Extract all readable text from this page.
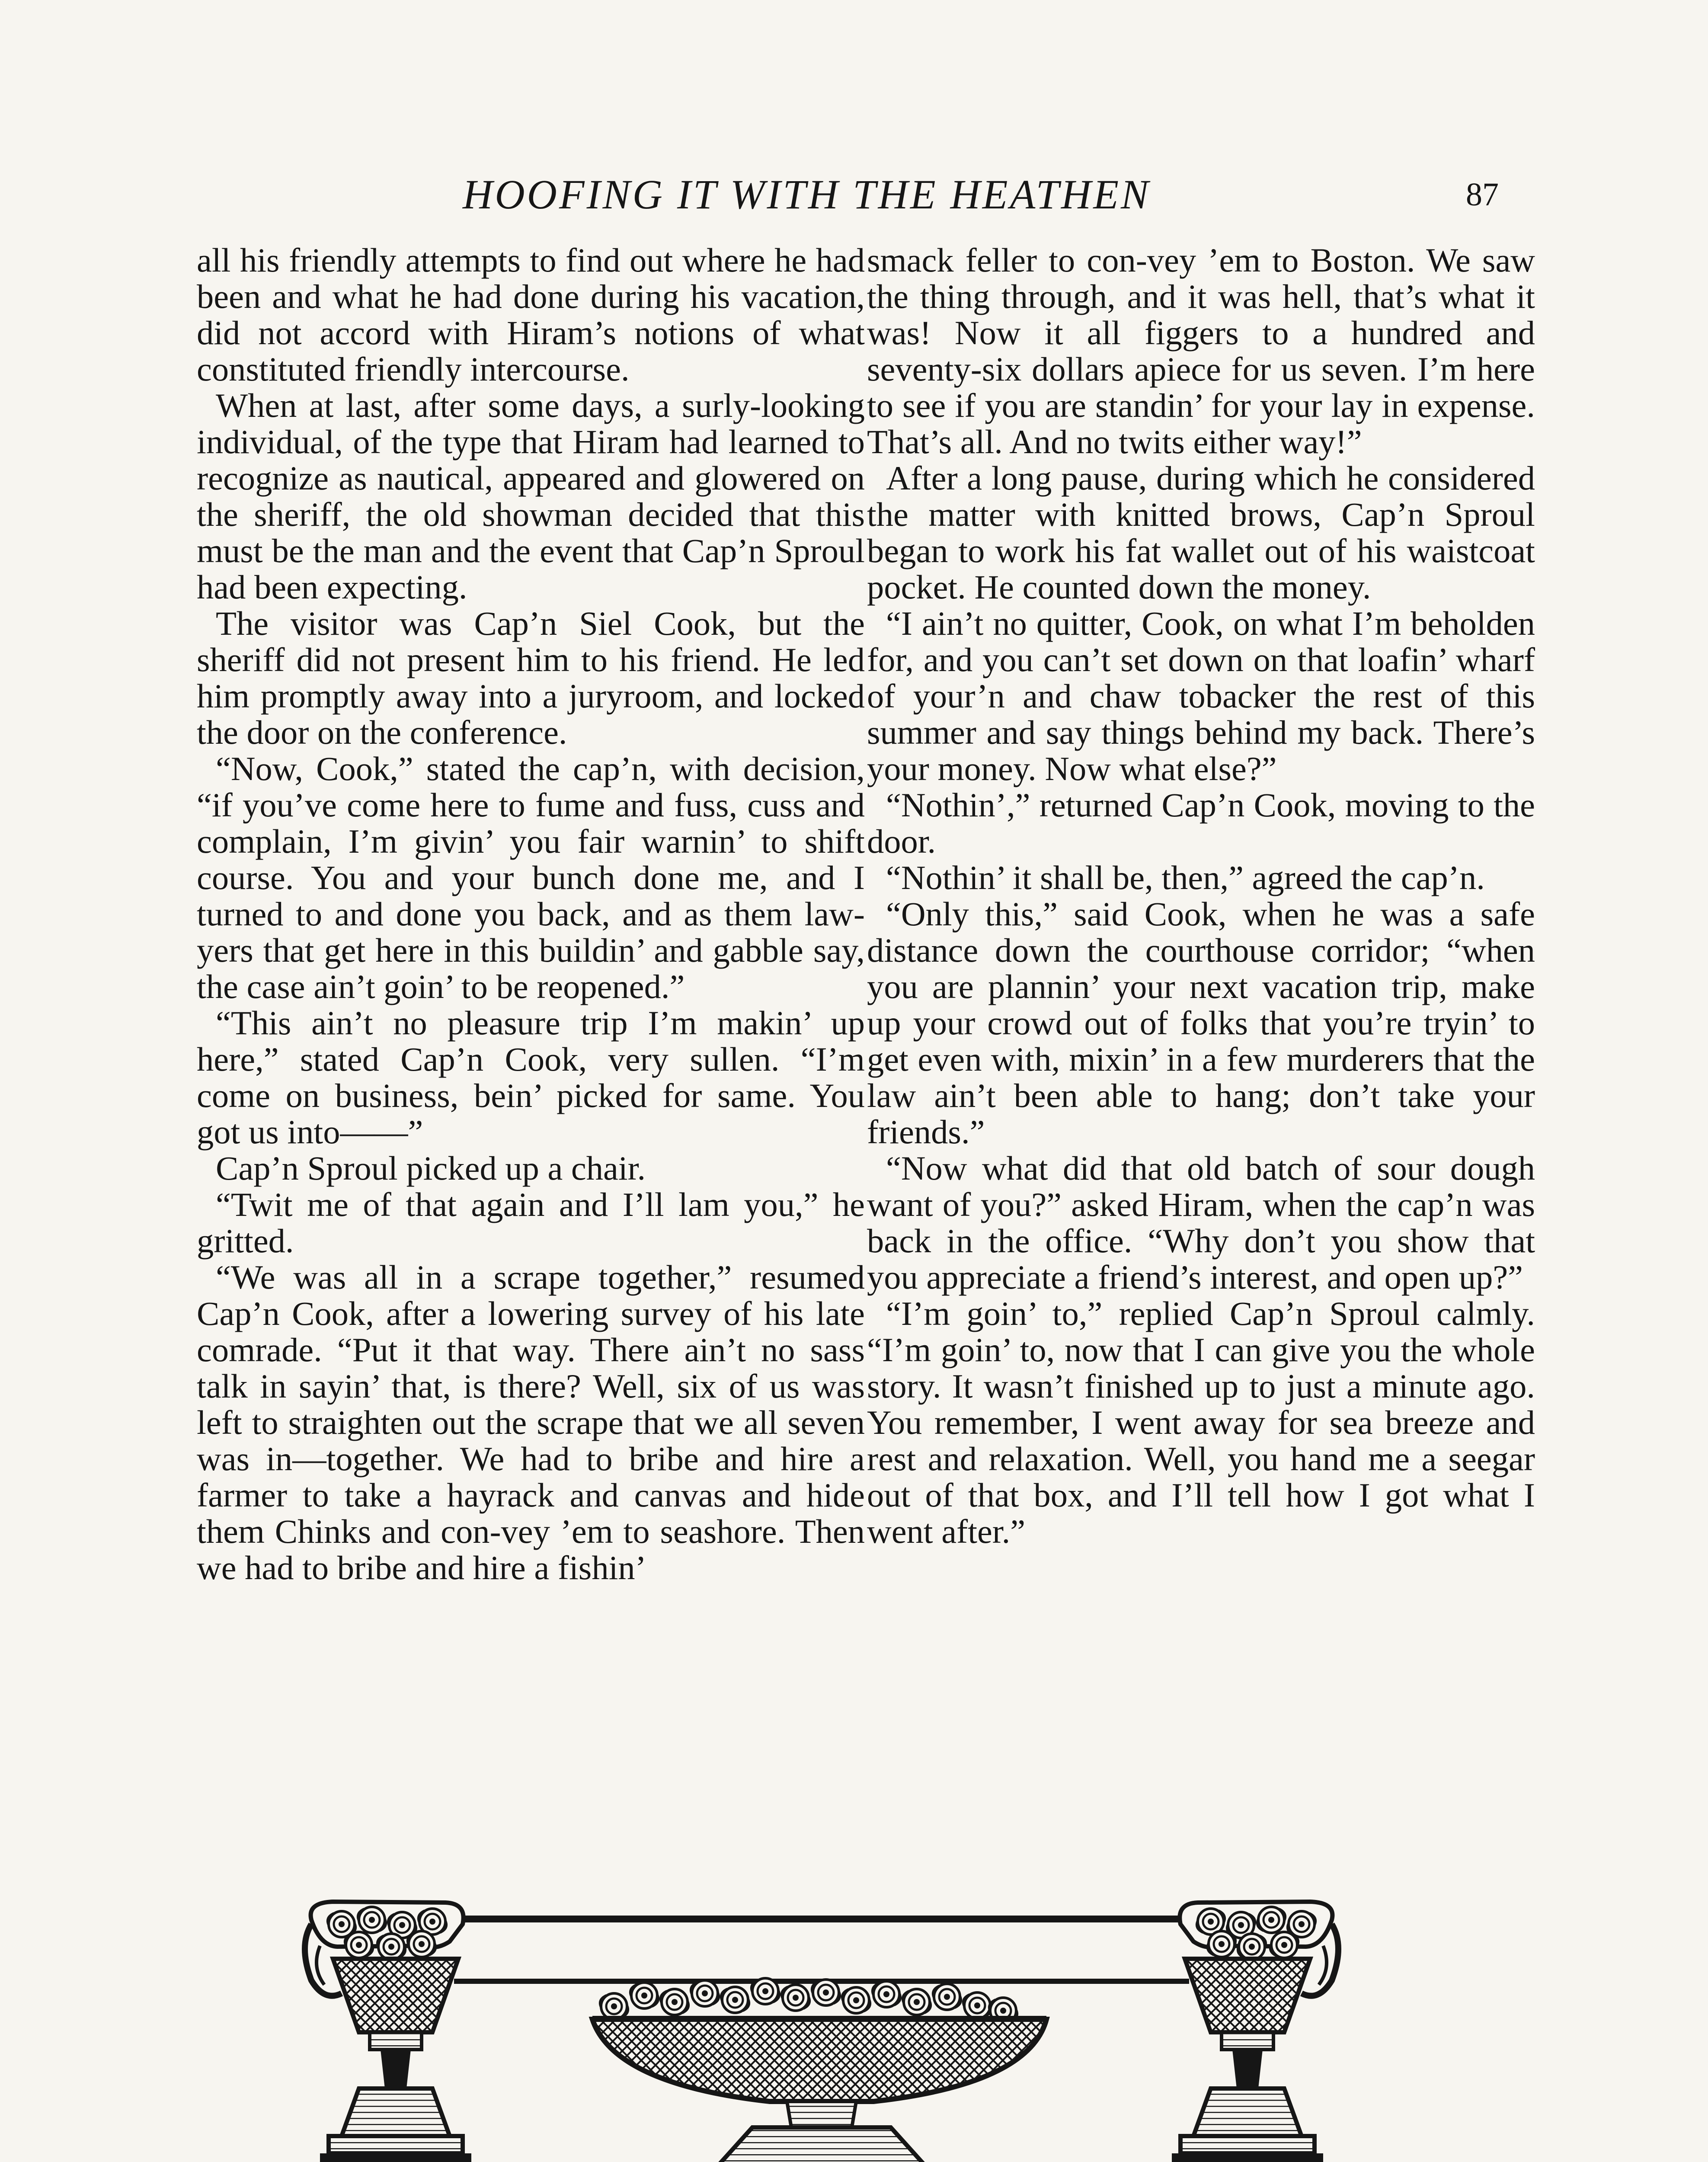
HOOFING IT WITH THE HEATHEN	87

all his friendly attempts to find out where he had been and what he had done during his vacation, did not accord with Hiram’s notions of what constituted friendly intercourse.

When at last, after some days, a surly-looking individual, of the type that Hiram had learned to recognize as nautical, appeared and glowered on the sheriff, the old showman decided that this must be the man and the event that Cap’n Sproul had been expecting.

The visitor was Cap’n Siel Cook, but the sheriff did not present him to his friend. He led him promptly away into a juryroom, and locked the door on the conference.

“Now, Cook,” stated the cap’n, with decision, “if you’ve come here to fume and fuss, cuss and complain, I’m givin’ you fair warnin’ to shift course. You and your bunch done me, and I turned to and done you back, and as them lawyers that get here in this buildin’ and gabble say, the case ain’t goin’ to be reopened.”

“This ain’t no pleasure trip I’m makin’ up here,” stated Cap’n Cook, very sullen. “I’m come on business, bein’ picked for same. You got us into——”

Cap’n Sproul picked up a chair.

“Twit me of that again and I’ll lam you,” he gritted.

“We was all in a scrape together,” resumed Cap’n Cook, after a lowering survey of his late comrade. “Put it that way. There ain’t no sass talk in sayin’ that, is there? Well, six of us was left to straighten out the scrape that we all seven was in—together. We had to bribe and hire a farmer to take a hayrack and canvas and hide them Chinks and con-vey ’em to seashore. Then we had to bribe and hire a fishin’

smack feller to con-vey ’em to Boston. We saw the thing through, and it was hell, that’s what it was! Now it all figgers to a hundred and seventy-six dollars apiece for us seven. I’m here to see if you are standin’ for your lay in expense. That’s all. And no twits either way!”

After a long pause, during which he considered the matter with knitted brows, Cap’n Sproul began to work his fat wallet out of his waistcoat pocket. He counted down the money.

“I ain’t no quitter, Cook, on what I’m beholden for, and you can’t set down on that loafin’ wharf of your’n and chaw tobacker the rest of this summer and say things behind my back. There’s your money. Now what else?”

“Nothin’,” returned Cap’n Cook, moving to the door.

“Nothin’ it shall be, then,” agreed the cap’n.

“Only this,” said Cook, when he was a safe distance down the courthouse corridor; “when you are plannin’ your next vacation trip, make up your crowd out of folks that you’re tryin’ to get even with, mixin’ in a few murderers that the law ain’t been able to hang; don’t take your friends.”

“Now what did that old batch of sour dough want of you?” asked Hiram, when the cap’n was back in the office. “Why don’t you show that you appreciate a friend’s interest, and open up?”

“I’m goin’ to,” replied Cap’n Sproul calmly. “I’m goin’ to, now that I can give you the whole story. It wasn’t finished up to just a minute ago. You remember, I went away for sea breeze and rest and relaxation. Well, you hand me a seegar out of that box, and I’ll tell how I got what I went after.”
